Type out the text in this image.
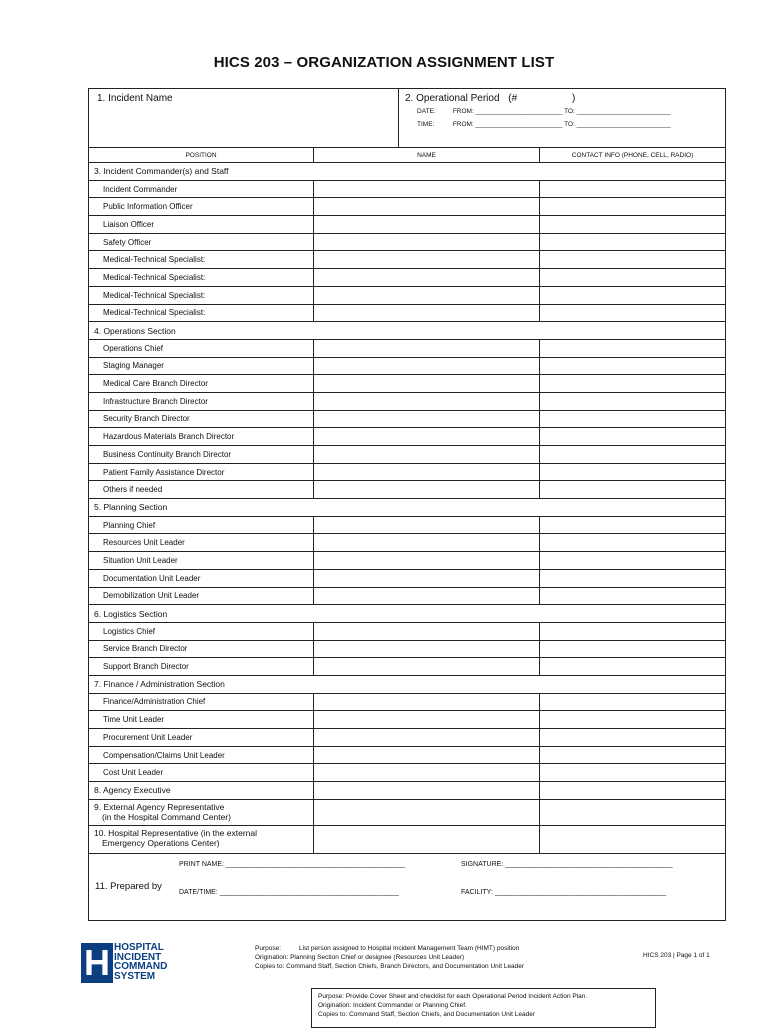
HICS 203 – ORGANIZATION ASSIGNMENT LIST
1. Incident Name	2. Operational Period (#	)
DATE:	FROM: ________________________ TO: __________________________
TIME:	FROM: ________________________ TO: __________________________
POSITION	NAME	CONTACT INFO (PHONE, CELL, RADIO)
3. Incident Commander(s) and Staff
Incident Commander
Public Information Officer
Liaison Officer
Safety Officer
Medical-Technical Specialist:
Medical-Technical Specialist:
Medical-Technical Specialist:
Medical-Technical Specialist:
4. Operations Section
Operations Chief
Staging Manager
Medical Care Branch Director
Infrastructure Branch Director
Security Branch Director
Hazardous Materials Branch Director
Business Continuity Branch Director
Patient Family Assistance Director
Others if needed
5. Planning Section
Planning Chief
Resources Unit Leader
Situation Unit Leader
Documentation Unit Leader
Demobilization Unit Leader
6. Logistics Section
Logistics Chief
Service Branch Director
Support Branch Director
7. Finance / Administration Section
Finance/Administration Chief
Time Unit Leader
Procurement Unit Leader
Compensation/Claims Unit Leader
Cost Unit Leader
8. Agency Executive
9. External Agency Representative
(in the Hospital Command Center)
10. Hospital Representative (in the external
Emergency Operations Center)
11. Prepared by
PRINT NAME: ______________________________________________
DATE/TIME: ______________________________________________
SIGNATURE: ___________________________________________
FACILITY: ____________________________________________
H HOSPITAL
INCIDENT
COMMAND
SYSTEM
Purpose:	List person assigned to Hospital Incident Management Team (HIMT) position
Origination: Planning Section Chief or designee (Resources Unit Leader)
Copies to: Command Staff, Section Chiefs, Branch Directors, and Documentation Unit Leader
HICS 203 | Page 1 of 1
Purpose: Provide Cover Sheet and checklist for each Operational Period Incident Action Plan.
Origination: Incident Commander or Planning Chief.
Copies to: Command Staff, Section Chiefs, and Documentation Unit Leader
